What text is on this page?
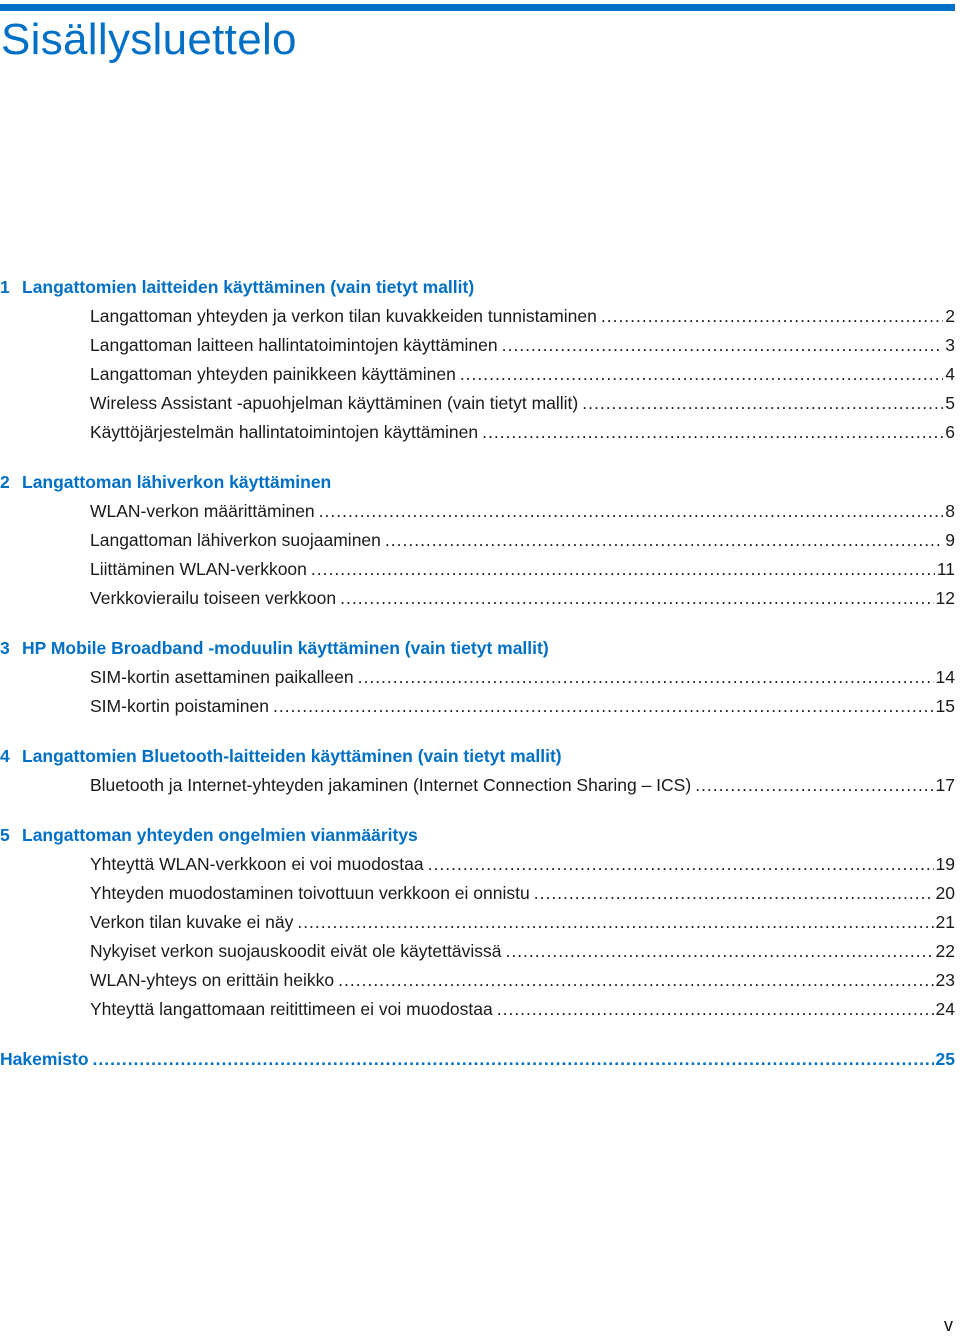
Sisällysluettelo
1 Langattomien laitteiden käyttäminen (vain tietyt mallit)
Langattoman yhteyden ja verkon tilan kuvakkeiden tunnistaminen .....	2
Langattoman laitteen hallintatoimintojen käyttäminen .....	3
Langattoman yhteyden painikkeen käyttäminen .....	4
Wireless Assistant -apuohjelman käyttäminen (vain tietyt mallit) .....	5
Käyttöjärjestelmän hallintatoimintojen käyttäminen .....	6
2 Langattoman lähiverkon käyttäminen
WLAN-verkon määrittäminen .....	8
Langattoman lähiverkon suojaaminen .....	9
Liittäminen WLAN-verkkoon .....	11
Verkkovierailu toiseen verkkoon .....	12
3 HP Mobile Broadband -moduulin käyttäminen (vain tietyt mallit)
SIM-kortin asettaminen paikalleen .....	14
SIM-kortin poistaminen .....	15
4 Langattomien Bluetooth-laitteiden käyttäminen (vain tietyt mallit)
Bluetooth ja Internet-yhteyden jakaminen (Internet Connection Sharing – ICS) .....	17
5 Langattoman yhteyden ongelmien vianmääritys
Yhteyttä WLAN-verkkoon ei voi muodostaa .....	19
Yhteyden muodostaminen toivottuun verkkoon ei onnistu .....	20
Verkon tilan kuvake ei näy .....	21
Nykyiset verkon suojauskoodit eivät ole käytettävissä .....	22
WLAN-yhteys on erittäin heikko .....	23
Yhteyttä langattomaan reitittimeen ei voi muodostaa .....	24
Hakemisto .....	25
v
